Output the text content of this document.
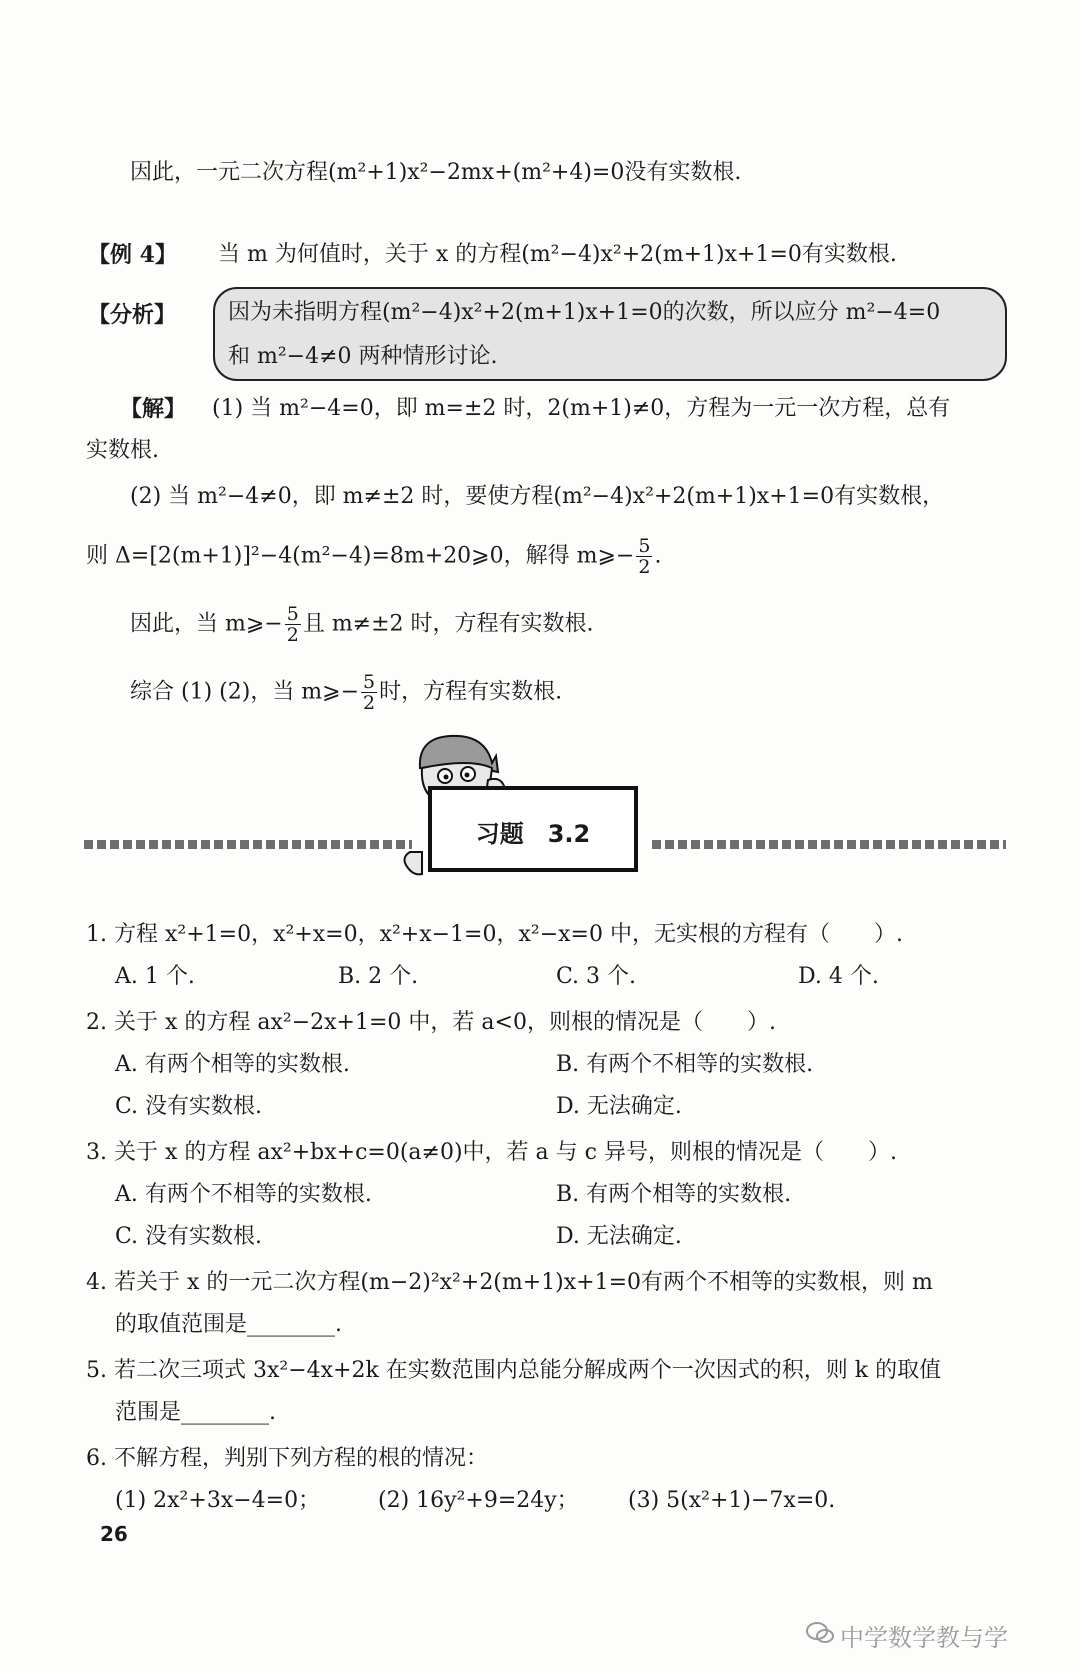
因此，一元二次方程(m²+1)x²−2mx+(m²+4)=0没有实数根.
【例 4】 当 m 为何值时，关于 x 的方程(m²−4)x²+2(m+1)x+1=0有实数根.
【分析】 因为未指明方程(m²−4)x²+2(m+1)x+1=0的次数，所以应分 m²−4=0
和 m²−4≠0 两种情形讨论.
【解】 (1) 当 m²−4=0，即 m=±2 时，2(m+1)≠0，方程为一元一次方程，总有
实数根.
(2) 当 m²−4≠0，即 m≠±2 时，要使方程(m²−4)x²+2(m+1)x+1=0有实数根，
则 Δ=[2(m+1)]²−4(m²−4)=8m+20⩾0，解得 m⩾− $\frac{5}{2}$ .
因此，当 m⩾− $\frac{5}{2}$ 且 m≠±2 时，方程有实数根.
综合 (1) (2)，当 m⩾− $\frac{5}{2}$ 时，方程有实数根.
习题　3.2
1. 方程 x²+1=0，x²+x=0，x²+x−1=0，x²−x=0 中，无实根的方程有（　　）.
A. 1 个.	B. 2 个.	C. 3 个.	D. 4 个.
2. 关于 x 的方程 ax²−2x+1=0 中，若 a<0，则根的情况是（　　）.
A. 有两个相等的实数根.	B. 有两个不相等的实数根.
C. 没有实数根.	D. 无法确定.
3. 关于 x 的方程 ax²+bx+c=0(a≠0)中，若 a 与 c 异号，则根的情况是（　　）.
A. 有两个不相等的实数根.	B. 有两个相等的实数根.
C. 没有实数根.	D. 无法确定.
4. 若关于 x 的一元二次方程(m−2)²x²+2(m+1)x+1=0有两个不相等的实数根，则 m
的取值范围是________.
5. 若二次三项式 3x²−4x+2k 在实数范围内总能分解成两个一次因式的积，则 k 的取值
范围是________.
6. 不解方程，判别下列方程的根的情况：
(1) 2x²+3x−4=0；	(2) 16y²+9=24y； (3) 5(x²+1)−7x=0.
26
中学数学教与学
